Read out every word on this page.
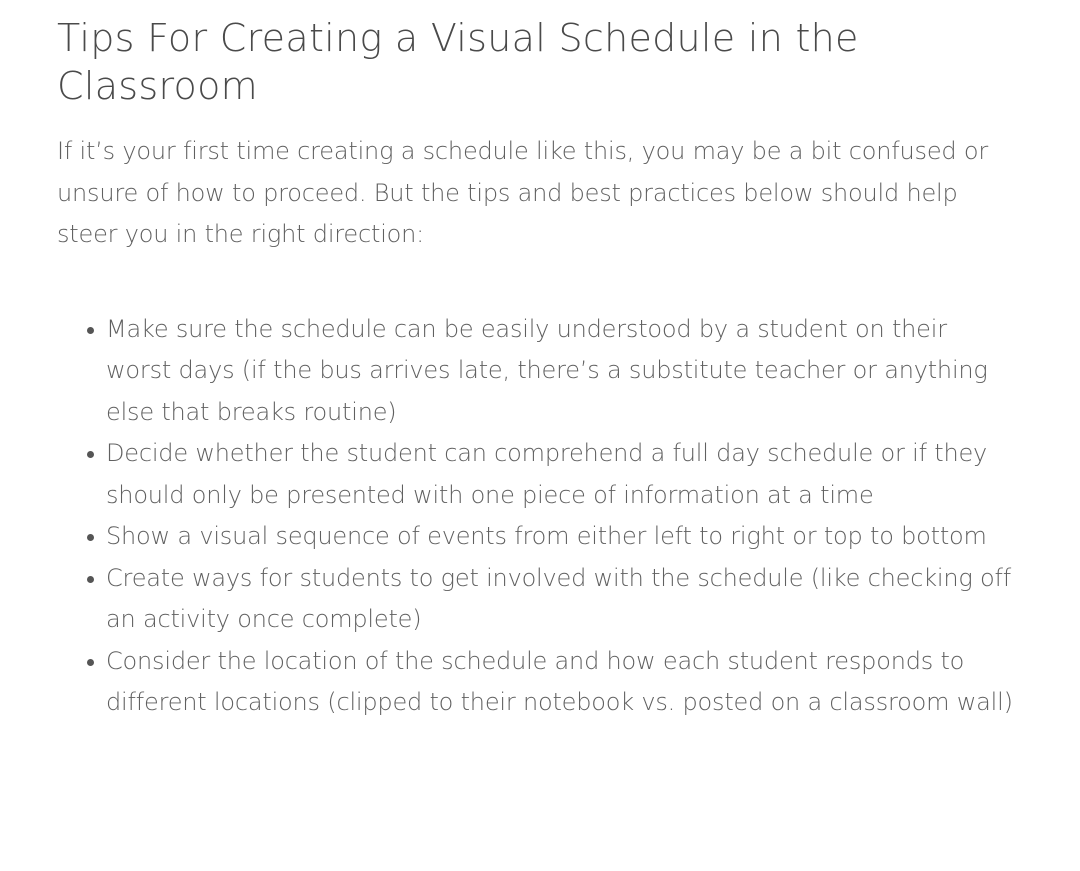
Tips For Creating a Visual Schedule in the Classroom

If it’s your first time creating a schedule like this, you may be a bit confused or unsure of how to proceed. But the tips and best practices below should help steer you in the right direction:

Make sure the schedule can be easily understood by a student on their worst days (if the bus arrives late, there’s a substitute teacher or anything else that breaks routine)
Decide whether the student can comprehend a full day schedule or if they should only be presented with one piece of information at a time
Show a visual sequence of events from either left to right or top to bottom
Create ways for students to get involved with the schedule (like checking off an activity once complete)
Consider the location of the schedule and how each student responds to different locations (clipped to their notebook vs. posted on a classroom wall)
